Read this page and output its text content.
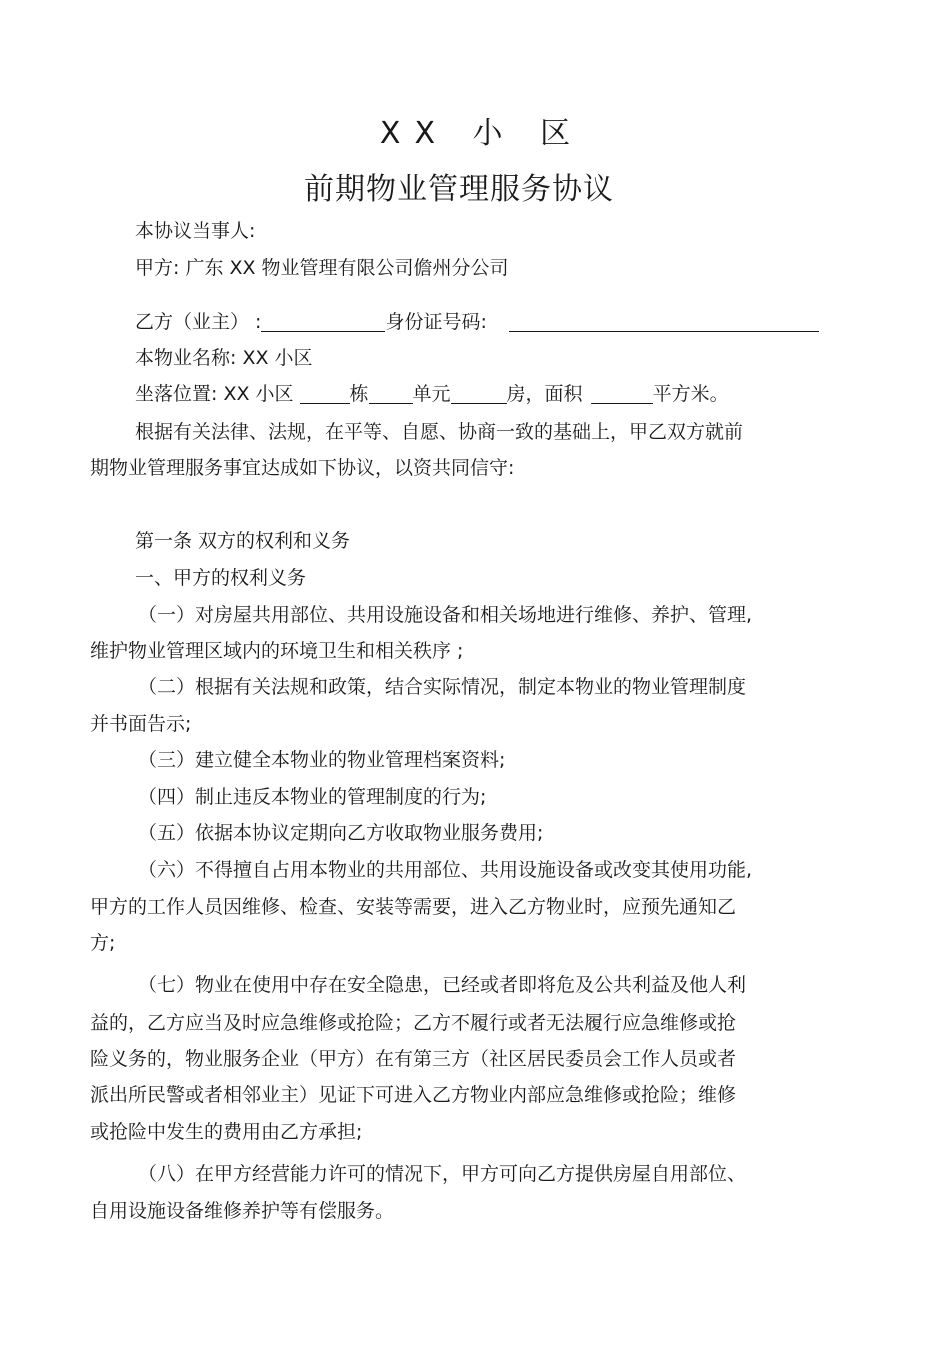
XX 小 区
前期物业管理服务协议
本协议当事人:
甲方: 广东 XX 物业管理有限公司儋州分公司
乙方（业主） :	身份证号码:
本物业名称: XX 小区
坐落位置: XX 小区	栋 单元	房，面积	平方米。
根据有关法律、法规，在平等、自愿、协商一致的基础上，甲乙双方就前
期物业管理服务事宜达成如下协议，以资共同信守:
第一条 双方的权利和义务
一、甲方的权利义务
（一）对房屋共用部位、共用设施设备和相关场地进行维修、养护、管理,
维护物业管理区域内的环境卫生和相关秩序 ;
（二）根据有关法规和政策，结合实际情况，制定本物业的物业管理制度
并书面告示;
（三）建立健全本物业的物业管理档案资料;
（四）制止违反本物业的管理制度的行为;
（五）依据本协议定期向乙方收取物业服务费用;
（六）不得擅自占用本物业的共用部位、共用设施设备或改变其使用功能,
甲方的工作人员因维修、检查、安装等需要，进入乙方物业时，应预先通知乙
方;
（七）物业在使用中存在安全隐患，已经或者即将危及公共利益及他人利
益的，乙方应当及时应急维修或抢险；乙方不履行或者无法履行应急维修或抢
险义务的，物业服务企业（甲方）在有第三方（社区居民委员会工作人员或者
派出所民警或者相邻业主）见证下可进入乙方物业内部应急维修或抢险；维修
或抢险中发生的费用由乙方承担;
（八）在甲方经营能力许可的情况下，甲方可向乙方提供房屋自用部位、
自用设施设备维修养护等有偿服务。
